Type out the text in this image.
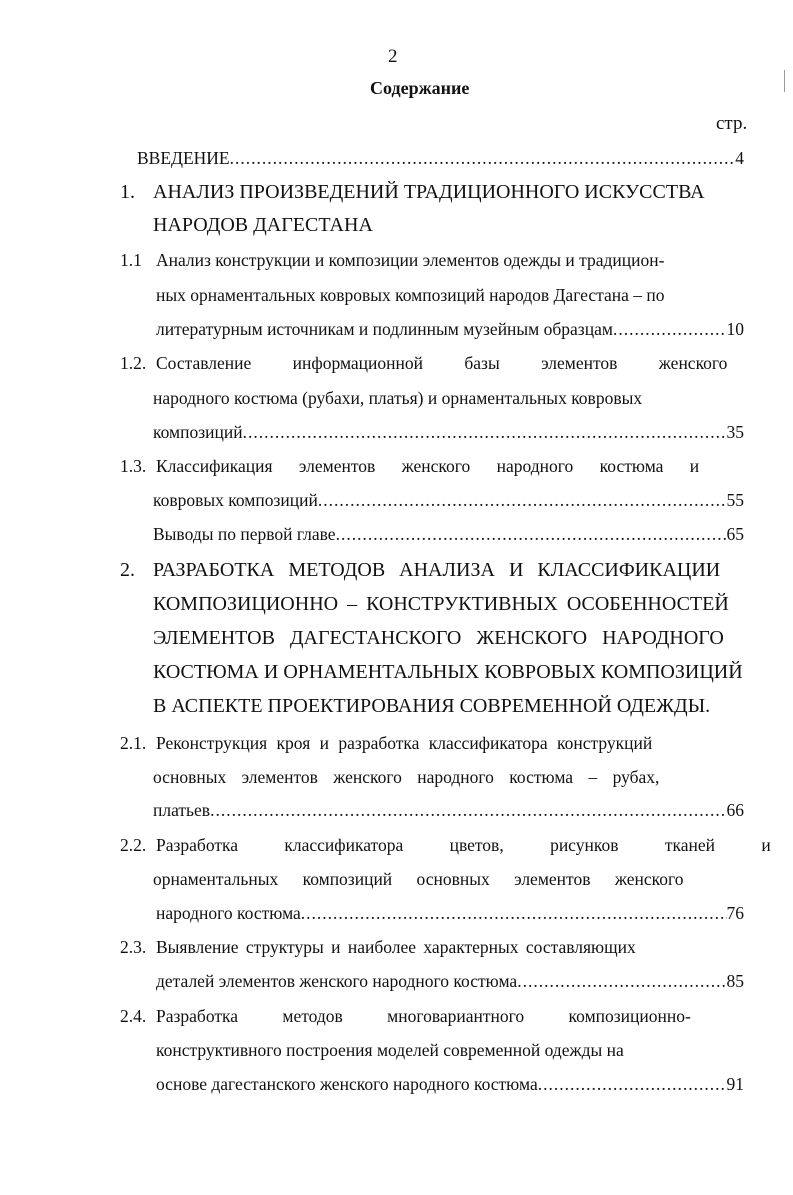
2
Содержание
стр.
ВВЕДЕНИЕ .....	4
1. АНАЛИЗ ПРОИЗВЕДЕНИЙ ТРАДИЦИОННОГО ИСКУССТВА
НАРОДОВ ДАГЕСТАНА
1.1 Анализ конструкции и композиции элементов одежды и традицион-
ных орнаментальных ковровых композиций народов Дагестана – по
литературным источникам и подлинным музейным образцам .....	10
1.2. Составление информационной базы элементов женского
народного костюма (рубахи, платья) и орнаментальных ковровых
композиций .....	35
1.3. Классификация элементов женского народного костюма и
ковровых композиций .....	55
Выводы по первой главе .....	65
2. РАЗРАБОТКА МЕТОДОВ АНАЛИЗА И КЛАССИФИКАЦИИ
КОМПОЗИЦИОННО – КОНСТРУКТИВНЫХ ОСОБЕННОСТЕЙ
ЭЛЕМЕНТОВ ДАГЕСТАНСКОГО ЖЕНСКОГО НАРОДНОГО
КОСТЮМА И ОРНАМЕНТАЛЬНЫХ КОВРОВЫХ КОМПОЗИЦИЙ
В АСПЕКТЕ ПРОЕКТИРОВАНИЯ СОВРЕМЕННОЙ ОДЕЖДЫ.
2.1. Реконструкция кроя и разработка классификатора конструкций
основных элементов женского народного костюма – рубах,
платьев .....	66
2.2. Разработка классификатора цветов, рисунков тканей и
орнаментальных композиций основных элементов женского
народного костюма .....	76
2.3. Выявление структуры и наиболее характерных составляющих
деталей элементов женского народного костюма .....	85
2.4. Разработка методов многовариантного композиционно-
конструктивного построения моделей современной одежды на
основе дагестанского женского народного костюма .....	91
